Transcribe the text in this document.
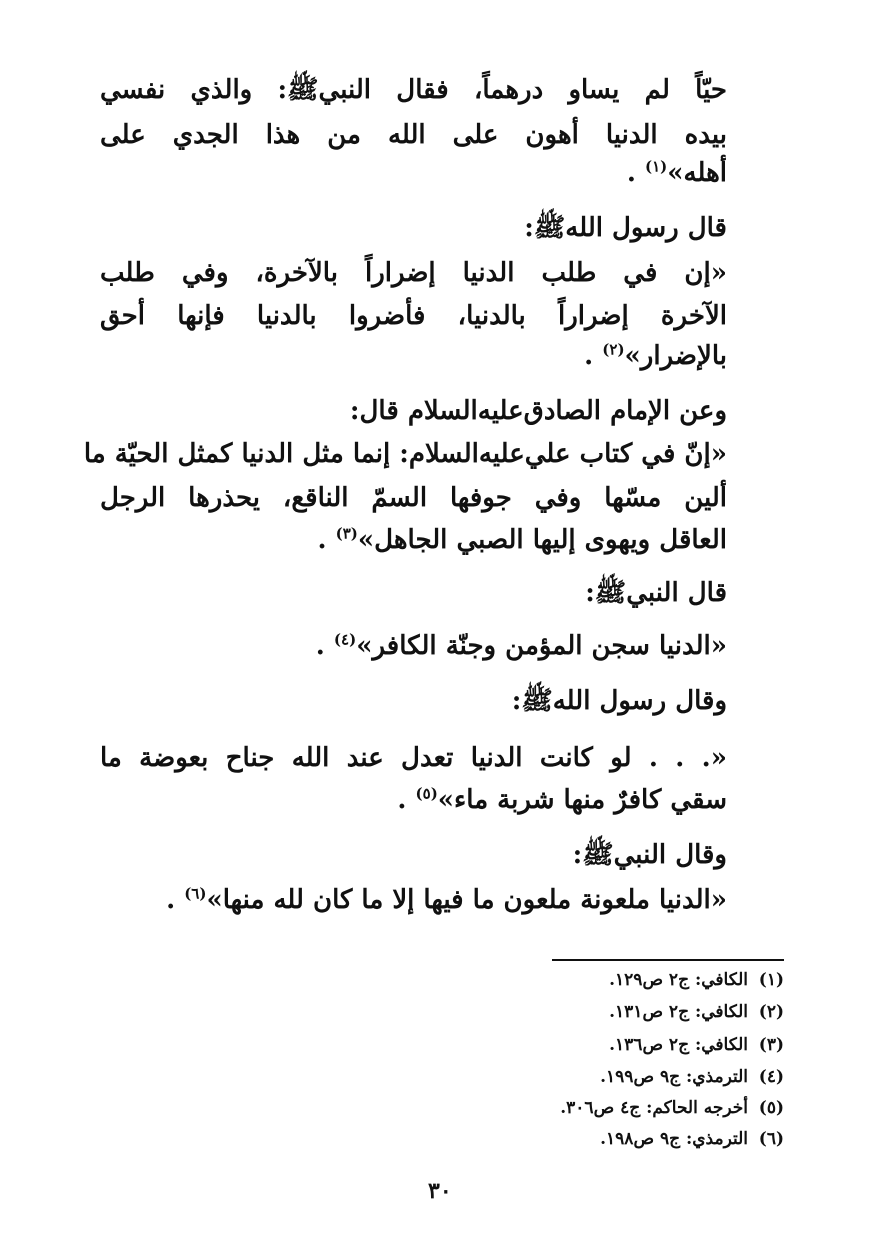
حيّاً لم يساو درهماً، فقال النبيﷺ: والذي نفسي
بيده الدنيا أهون على الله من هذا الجدي على
أهله»$^{(١)}$ .
قال رسول اللهﷺ:
«إن في طلب الدنيا إضراراً بالآخرة، وفي طلب
الآخرة إضراراً بالدنيا، فأضروا بالدنيا فإنها أحق
بالإضرار»$^{(٢)}$ .
وعن الإمام الصادق‌عليه‌السلام قال:
«إنّ في كتاب علي‌عليه‌السلام: إنما مثل الدنيا كمثل الحيّة ما
ألين مسّها وفي جوفها السمّ الناقع، يحذرها الرجل
العاقل ويهوى إليها الصبي الجاهل»$^{(٣)}$ .
قال النبيﷺ:
«الدنيا سجن المؤمن وجنّة الكافر»$^{(٤)}$ .
وقال رسول اللهﷺ:
«. . . لو كانت الدنيا تعدل عند الله جناح بعوضة ما
سقي كافرٌ منها شربة ماء»$^{(٥)}$ .
وقال النبيﷺ:
«الدنيا ملعونة ملعون ما فيها إلا ما كان لله منها»$^{(٦)}$ .
(١)الكافي: ج٢ ص١٢٩.
(٢)الكافي: ج٢ ص١٣١.
(٣)الكافي: ج٢ ص١٣٦.
(٤)الترمذي: ج٩ ص١٩٩.
(٥)أخرجه الحاكم: ج٤ ص٣٠٦.
(٦)الترمذي: ج٩ ص١٩٨.
٣٠
